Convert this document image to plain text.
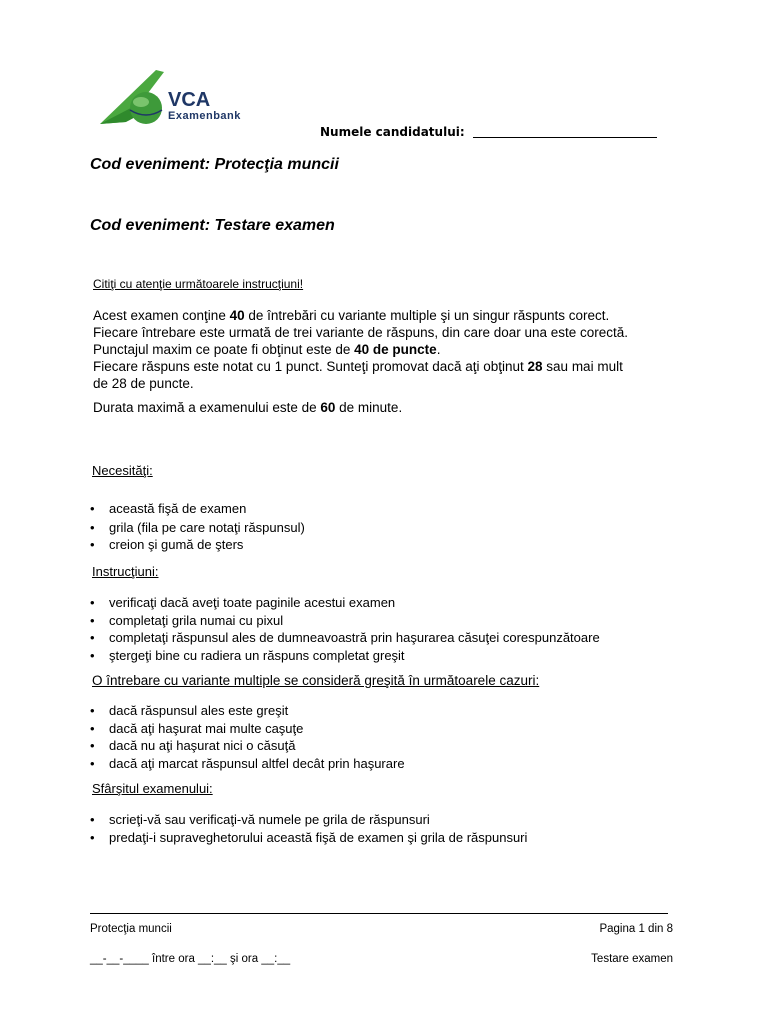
VCA
Examenbank
Numele candidatului:
Cod eveniment: Protecţia muncii
Cod eveniment: Testare examen
Citiţi cu atenţie următoarele instrucţiuni!
Acest examen conţine 40 de întrebări cu variante multiple şi un singur răspunts corect.
Fiecare întrebare este urmată de trei variante de răspuns, din care doar una este corectă.
Punctajul maxim ce poate fi obţinut este de 40 de puncte.
Fiecare răspuns este notat cu 1 punct. Sunteţi promovat dacă aţi obţinut 28 sau mai mult
de 28 de puncte.
Durata maximă a examenului este de 60 de minute.
Necesităţi:
• această fişă de examen
• grila (fila pe care notaţi răspunsul)
• creion şi gumă de şters
Instrucţiuni:
• verificaţi dacă aveţi toate paginile acestui examen
• completaţi grila numai cu pixul
• completaţi răspunsul ales de dumneavoastră prin haşurarea căsuţei corespunzătoare
• ştergeţi bine cu radiera un răspuns completat greşit
O întrebare cu variante multiple se consideră greşită în următoarele cazuri:
• dacă răspunsul ales este greşit
• dacă aţi haşurat mai multe caşuţe
• dacă nu aţi haşurat nici o căsuţă
• dacă aţi marcat răspunsul altfel decât prin haşurare
Sfârşitul examenului:
• scrieţi-vă sau verificaţi-vă numele pe grila de răspunsuri
• predaţi-i supraveghetorului această fişă de examen şi grila de răspunsuri
Protecţia muncii	Pagina 1 din 8
__-__-____ între ora __:__ şi ora __:__	Testare examen
